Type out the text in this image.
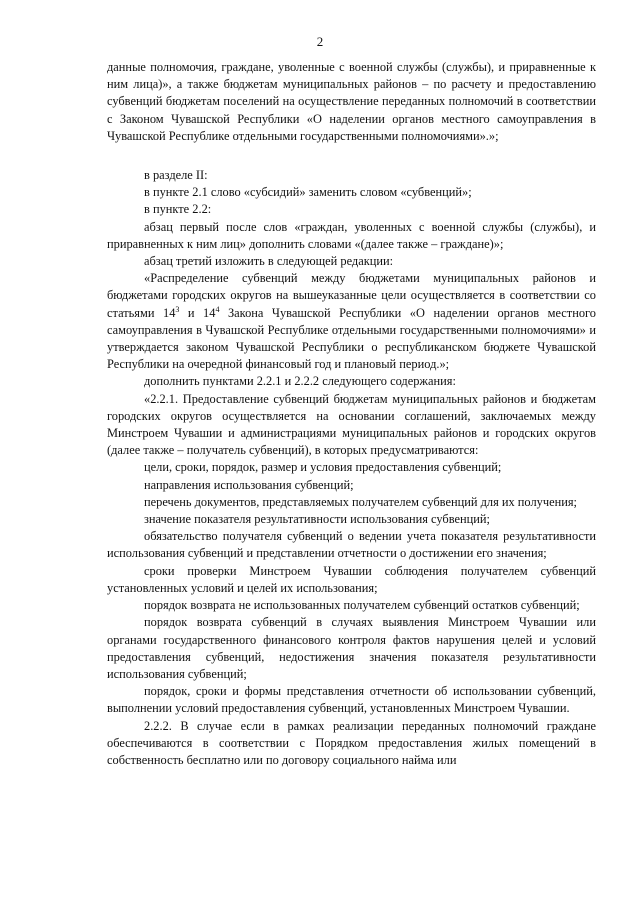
2

данные полномочия, граждане, уволенные с военной службы (службы), и приравненные к ним лица)», а также бюджетам муниципальных районов – по расчету и предоставлению субвенций бюджетам поселений на осуществление переданных полномочий в соответствии с Законом Чувашской Республики «О наделении органов местного самоуправления в Чувашской Республике отдельными государственными полномочиями».»;

в разделе II:

в пункте 2.1 слово «субсидий» заменить словом «субвенций»;

в пункте 2.2:

абзац первый после слов «граждан, уволенных с военной службы (службы), и приравненных к ним лиц» дополнить словами «(далее также – граждане)»;

абзац третий изложить в следующей редакции:

«Распределение субвенций между бюджетами муниципальных районов и бюджетами городских округов на вышеуказанные цели осуществляется в соответствии со статьями $14^3$ и $14^4$ Закона Чувашской Республики «О наделении органов местного самоуправления в Чувашской Республике отдельными государственными полномочиями» и утверждается законом Чувашской Республики о республиканском бюджете Чувашской Республики на очередной финансовый год и плановый период.»;

дополнить пунктами 2.2.1 и 2.2.2 следующего содержания:

«2.2.1. Предоставление субвенций бюджетам муниципальных районов и бюджетам городских округов осуществляется на основании соглашений, заключаемых между Минстроем Чувашии и администрациями муниципальных районов и городских округов (далее также – получатель субвенций), в которых предусматриваются:

цели, сроки, порядок, размер и условия предоставления субвенций;

направления использования субвенций;

перечень документов, представляемых получателем субвенций для их получения;

значение показателя результативности использования субвенций;

обязательство получателя субвенций о ведении учета показателя результативности использования субвенций и представлении отчетности о достижении его значения;

сроки проверки Минстроем Чувашии соблюдения получателем субвенций установленных условий и целей их использования;

порядок возврата не использованных получателем субвенций остатков субвенций;

порядок возврата субвенций в случаях выявления Минстроем Чувашии или органами государственного финансового контроля фактов нарушения целей и условий предоставления субвенций, недостижения значения показателя результативности использования субвенций;

порядок, сроки и формы представления отчетности об использовании субвенций, выполнении условий предоставления субвенций, установленных Минстроем Чувашии.

2.2.2. В случае если в рамках реализации переданных полномочий граждане обеспечиваются в соответствии с Порядком предоставления жилых помещений в собственность бесплатно или по договору социального найма или
